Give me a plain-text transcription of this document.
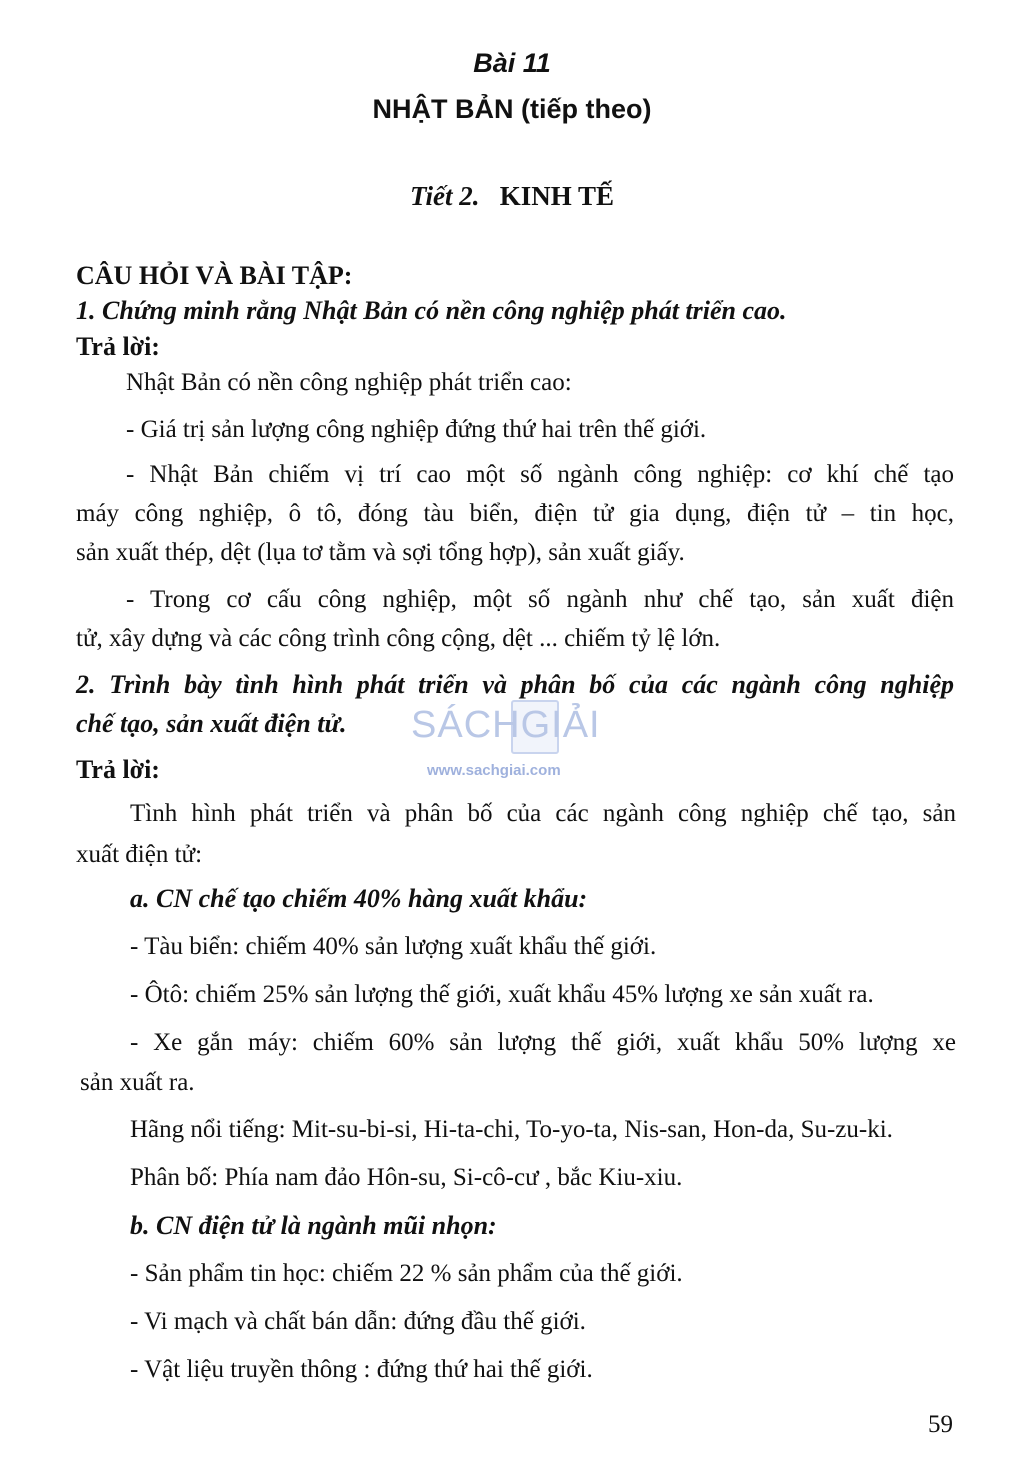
Bài 11
NHẬT BẢN (tiếp theo)
Tiết 2. KINH TẾ
CÂU HỎI VÀ BÀI TẬP:
1. Chứng minh rằng Nhật Bản có nền công nghiệp phát triển cao.
Trả lời:
Nhật Bản có nền công nghiệp phát triển cao:
- Giá trị sản lượng công nghiệp đứng thứ hai trên thế giới.
- Nhật Bản chiếm vị trí cao một số ngành công nghiệp: cơ khí chế tạo
máy công nghiệp, ô tô, đóng tàu biển, điện tử gia dụng, điện tử – tin học,
sản xuất thép, dệt (lụa tơ tằm và sợi tổng hợp), sản xuất giấy.
- Trong cơ cấu công nghiệp, một số ngành như chế tạo, sản xuất điện
tử, xây dựng và các công trình công cộng, dệt ... chiếm tỷ lệ lớn.
2. Trình bày tình hình phát triển và phân bố của các ngành công nghiệp
chế tạo, sản xuất điện tử. SÁCHGIẢI
www.sachgiai.com
Trả lời:
Tình hình phát triển và phân bố của các ngành công nghiệp chế tạo, sản
xuất điện tử:
a. CN chế tạo chiếm 40% hàng xuất khẩu:
- Tàu biển: chiếm 40% sản lượng xuất khẩu thế giới.
- Ôtô: chiếm 25% sản lượng thế giới, xuất khẩu 45% lượng xe sản xuất ra.
- Xe gắn máy: chiếm 60% sản lượng thế giới, xuất khẩu 50% lượng xe
sản xuất ra.
Hãng nổi tiếng: Mit-su-bi-si, Hi-ta-chi, To-yo-ta, Nis-san, Hon-da, Su-zu-ki.
Phân bố: Phía nam đảo Hôn-su, Si-cô-cư , bắc Kiu-xiu.
b. CN điện tử là ngành mũi nhọn:
- Sản phẩm tin học: chiếm 22 % sản phẩm của thế giới.
- Vi mạch và chất bán dẫn: đứng đầu thế giới.
- Vật liệu truyền thông : đứng thứ hai thế giới.
59
